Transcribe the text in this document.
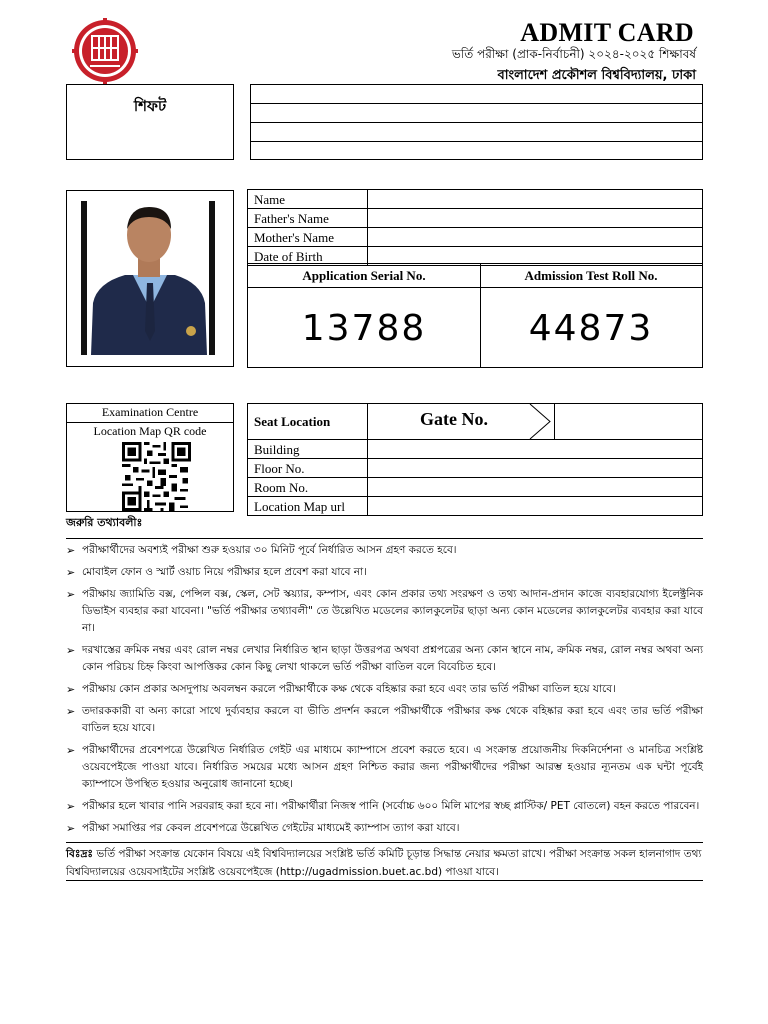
ADMIT CARD
ভর্তি পরীক্ষা (প্রাক-নির্বাচনী) ২০২৪-২০২৫ শিক্ষাবর্ষ
বাংলাদেশ প্রকৌশল বিশ্ববিদ্যালয়, ঢাকা
শিফট
Name	
Father's Name	
Mother's Name	
Date of Birth	
Application Serial No.
13788
Admission Test Roll No.
44873
Examination Centre
Location Map QR code
Seat Location	Gate No.	

Building		
Floor No.		
Room No.		
Location Map url		
জরুরি তথ্যাবলীঃ
➢ পরীক্ষার্থীদের অবশ্যই পরীক্ষা শুরু হওয়ার ৩০ মিনিট পূর্বে নির্ধারিত আসন গ্রহণ করতে হবে।
➢ মোবাইল ফোন ও স্মার্ট ওয়াচ নিয়ে পরীক্ষার হলে প্রবেশ করা যাবে না।
➢ পরীক্ষায় জ্যামিতি বক্স, পেন্সিল বক্স, স্কেল, সেট স্কয়্যার, কম্পাস, এবং কোন প্রকার তথ্য সংরক্ষণ ও তথ্য আদান-প্রদান কাজে ব্যবহারযোগ্য ইলেক্ট্রনিক ডিভাইস ব্যবহার করা যাবেনা। "ভর্তি পরীক্ষার তথ্যাবলী" তে উল্লেখিত মডেলের ক্যালকুলেটর ছাড়া অন্য কোন মডেলের ক্যালকুলেটর ব্যবহার করা যাবে না।
➢ দরখাস্তের ক্রমিক নম্বর এবং রোল নম্বর লেখার নির্ধারিত স্থান ছাড়া উত্তরপত্র অথবা প্রশ্নপত্রের অন্য কোন স্থানে নাম, ক্রমিক নম্বর, রোল নম্বর অথবা অন্য কোন পরিচয় চিহ্ন কিংবা আপত্তিকর কোন কিছু লেখা থাকলে ভর্তি পরীক্ষা বাতিল বলে বিবেচিত হবে।
➢ পরীক্ষায় কোন প্রকার অসদুপায় অবলম্বন করলে পরীক্ষার্থীকে কক্ষ থেকে বহিষ্কার করা হবে এবং তার ভর্তি পরীক্ষা বাতিল হয়ে যাবে।
➢ তদারককারী বা অন্য কারো সাথে দুর্ব্যবহার করলে বা ভীতি প্রদর্শন করলে পরীক্ষার্থীকে পরীক্ষার কক্ষ থেকে বহিষ্কার করা হবে এবং তার ভর্তি পরীক্ষা বাতিল হয়ে যাবে।
➢ পরীক্ষার্থীদের প্রবেশপত্রে উল্লেখিত নির্ধারিত গেইট এর মাধ্যমে ক্যাম্পাসে প্রবেশ করতে হবে। এ সংক্রান্ত প্রয়োজনীয় দিকনির্দেশনা ও মানচিত্র সংশ্লিষ্ট ওয়েবপেইজে পাওয়া যাবে। নির্ধারিত সময়ের মধ্যে আসন গ্রহণ নিশ্চিত করার জন্য পরীক্ষার্থীদের পরীক্ষা আরম্ভ হওয়ার ন্যূনতম এক ঘন্টা পূর্বেই ক্যাম্পাসে উপস্থিত হওয়ার অনুরোধ জানানো হচ্ছে।
➢ পরীক্ষার হলে খাবার পানি সরবরাহ করা হবে না। পরীক্ষার্থীরা নিজস্ব পানি (সর্বোচ্চ ৬০০ মিলি মাপের স্বচ্ছ প্লাস্টিক/ PET বোতলে) বহন করতে পারবেন।
➢ পরীক্ষা সমাপ্তির পর কেবল প্রবেশপত্রে উল্লেখিত গেইটের মাধ্যমেই ক্যাম্পাস ত্যাগ করা যাবে।
বিঃদ্রঃ ভর্তি পরীক্ষা সংক্রান্ত যেকোন বিষয়ে এই বিশ্ববিদ্যালয়ের সংশ্লিষ্ট ভর্তি কমিটি চূড়ান্ত সিদ্ধান্ত নেয়ার ক্ষমতা রাখে। পরীক্ষা সংক্রান্ত সকল হালনাগাদ তথ্য বিশ্ববিদ্যালয়ের ওয়েবসাইটের সংশ্লিষ্ট ওয়েবপেইজে (http://ugadmission.buet.ac.bd) পাওয়া যাবে।
